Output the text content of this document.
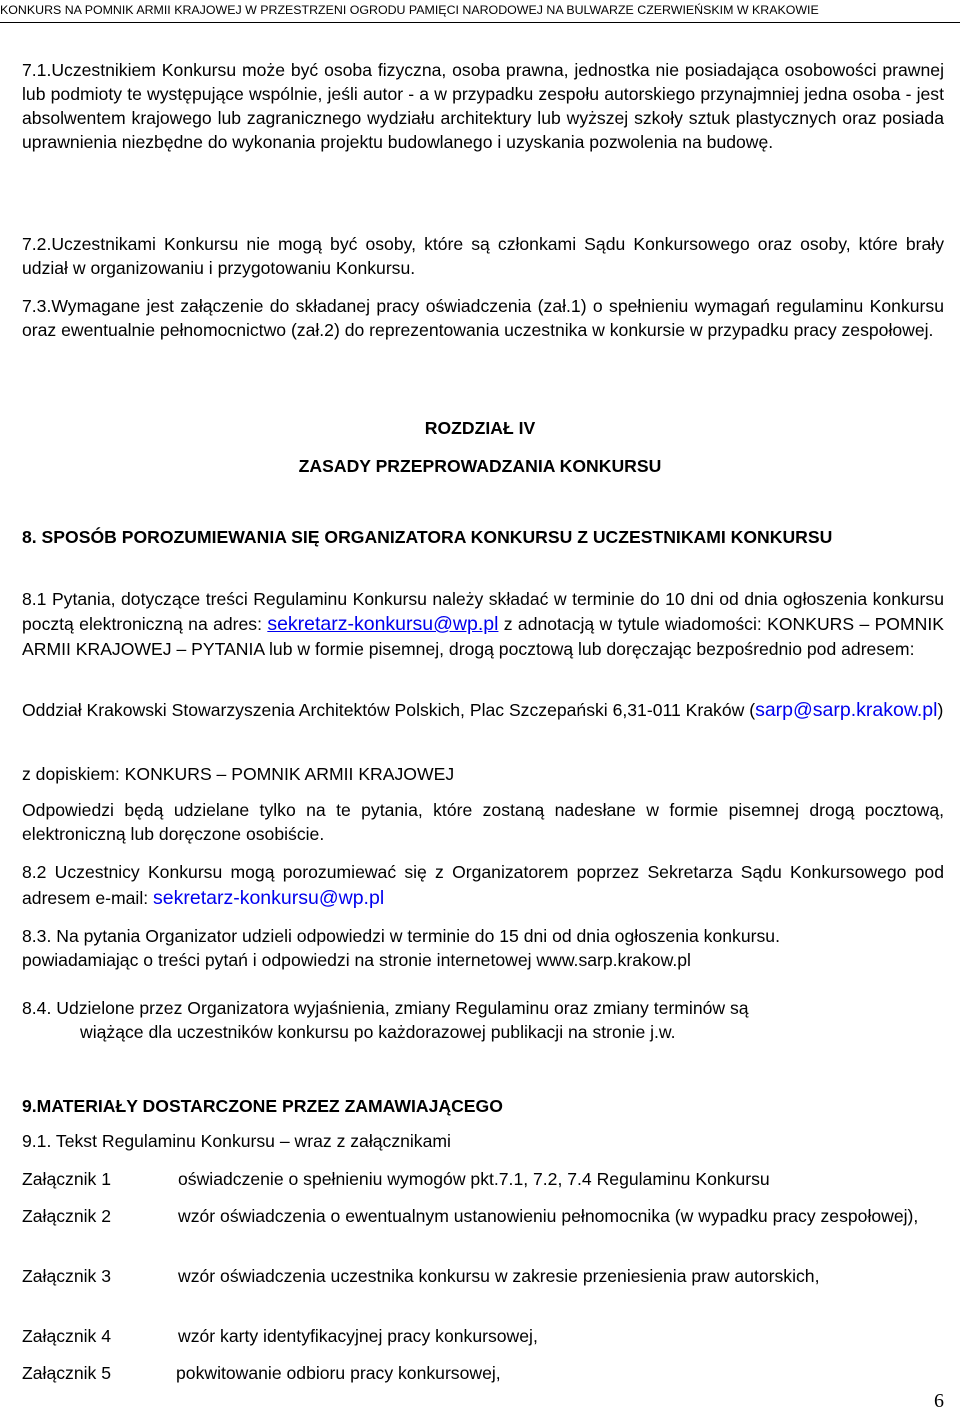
KONKURS NA POMNIK ARMII KRAJOWEJ W PRZESTRZENI OGRODU PAMIĘCI NARODOWEJ NA BULWARZE CZERWIEŃSKIM W KRAKOWIE

7.1.Uczestnikiem Konkursu może być osoba fizyczna, osoba prawna, jednostka nie posiadająca osobowości prawnej lub podmioty te występujące wspólnie, jeśli autor - a w przypadku zespołu autorskiego przynajmniej jedna osoba - jest absolwentem krajowego lub zagranicznego wydziału architektury lub wyższej szkoły sztuk plastycznych oraz posiada uprawnienia niezbędne do wykonania projektu budowlanego i uzyskania pozwolenia na budowę.

7.2.Uczestnikami Konkursu nie mogą być osoby, które są członkami Sądu Konkursowego oraz osoby, które brały udział w organizowaniu i przygotowaniu Konkursu.

7.3.Wymagane jest załączenie do składanej pracy oświadczenia (zał.1) o spełnieniu wymagań regulaminu Konkursu oraz ewentualnie pełnomocnictwo (zał.2) do reprezentowania uczestnika w konkursie w przypadku pracy zespołowej.

ROZDZIAŁ IV

ZASADY PRZEPROWADZANIA KONKURSU

8. SPOSÓB POROZUMIEWANIA SIĘ ORGANIZATORA KONKURSU Z UCZESTNIKAMI KONKURSU

8.1 Pytania, dotyczące treści Regulaminu Konkursu należy składać w terminie do 10 dni od dnia ogłoszenia konkursu pocztą elektroniczną na adres: sekretarz-konkursu@wp.pl z adnotacją w tytule wiadomości: KONKURS – POMNIK ARMII KRAJOWEJ – PYTANIA lub w formie pisemnej, drogą pocztową lub doręczając bezpośrednio pod adresem:

Oddział Krakowski Stowarzyszenia Architektów Polskich, Plac Szczepański 6,31-011 Kraków (sarp@sarp.krakow.pl)

z dopiskiem: KONKURS – POMNIK ARMII KRAJOWEJ

Odpowiedzi będą udzielane tylko na te pytania, które zostaną nadesłane w formie pisemnej drogą pocztową, elektroniczną lub doręczone osobiście.

8.2 Uczestnicy Konkursu mogą porozumiewać się z Organizatorem poprzez Sekretarza Sądu Konkursowego pod adresem e-mail: sekretarz-konkursu@wp.pl

8.3. Na pytania Organizator udzieli odpowiedzi w terminie do 15 dni od dnia ogłoszenia konkursu.

powiadamiając o treści pytań i odpowiedzi na stronie internetowej www.sarp.krakow.pl

8.4. Udzielone przez Organizatora wyjaśnienia, zmiany Regulaminu oraz zmiany terminów są

wiążące dla uczestników konkursu po każdorazowej publikacji na stronie j.w.

9.MATERIAŁY DOSTARCZONE PRZEZ ZAMAWIAJĄCEGO

9.1. Tekst Regulaminu Konkursu – wraz z załącznikami

Załącznik 1	oświadczenie o spełnieniu wymogów pkt.7.1, 7.2, 7.4 Regulaminu Konkursu
Załącznik 2	wzór oświadczenia o ewentualnym ustanowieniu pełnomocnika (w wypadku pracy zespołowej),
Załącznik 3	wzór oświadczenia uczestnika konkursu w zakresie przeniesienia praw autorskich,
Załącznik 4	wzór karty identyfikacyjnej pracy konkursowej,
Załącznik 5	pokwitowanie odbioru pracy konkursowej,
6
